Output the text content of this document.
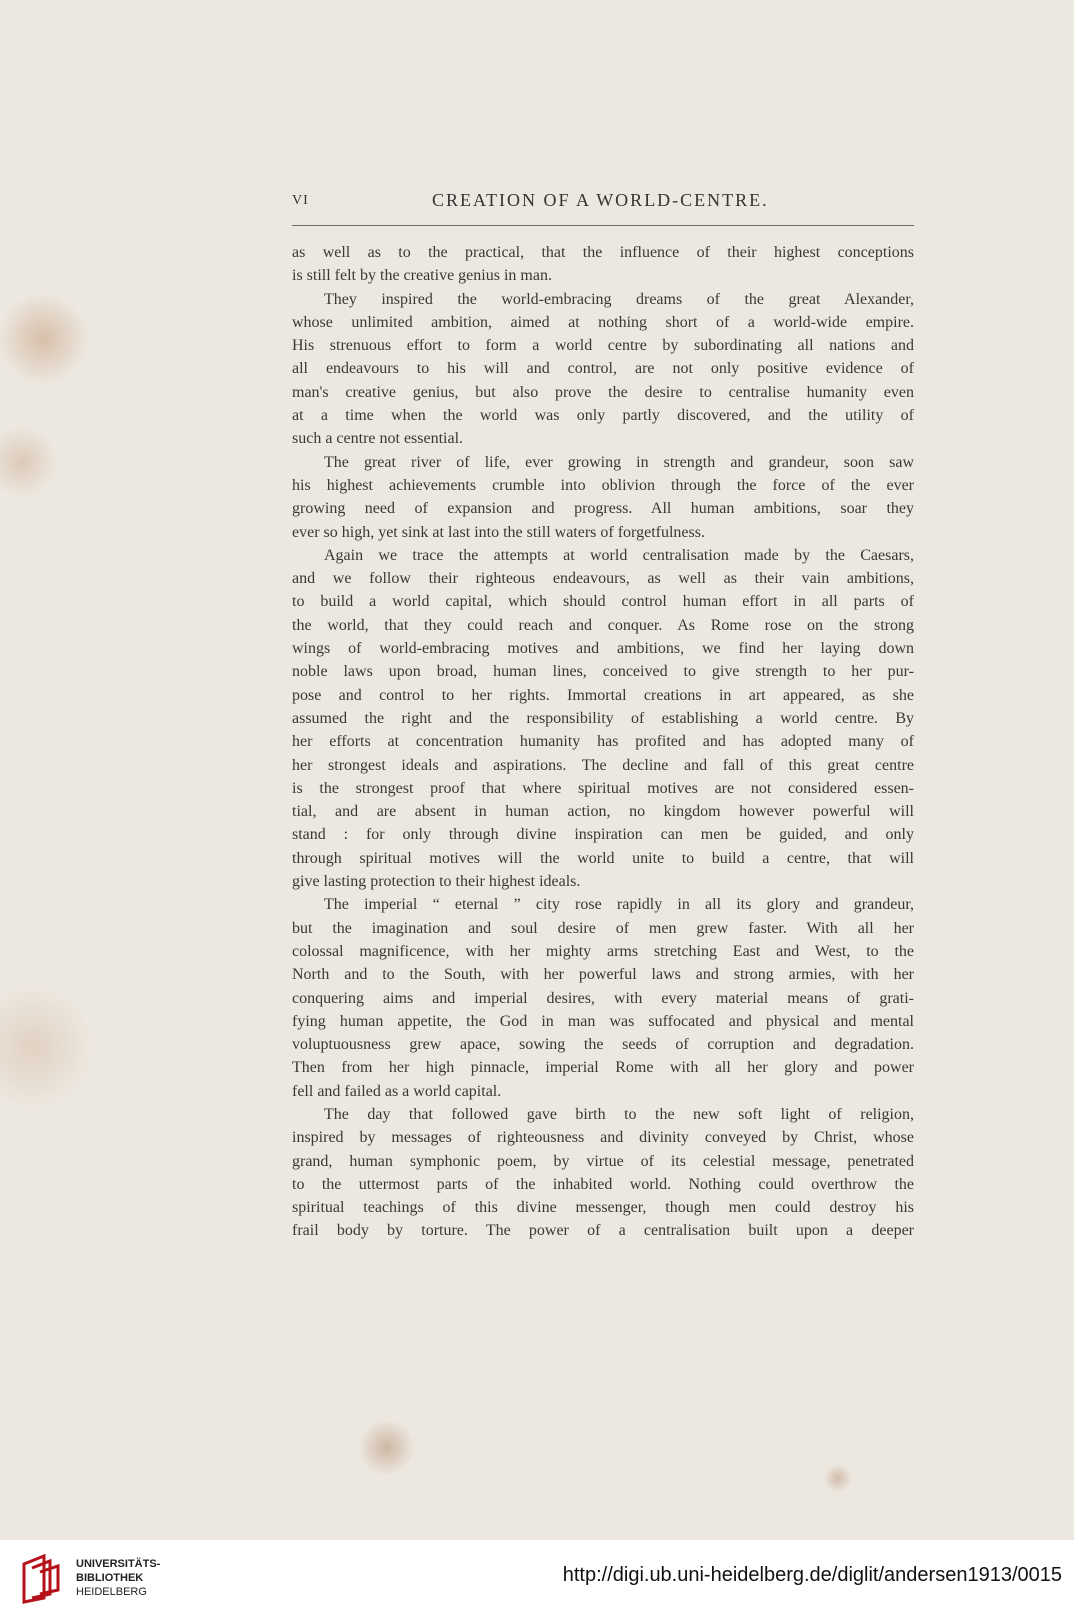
VI	CREATION OF A WORLD-CENTRE.
as well as to the practical, that the influence of their highest conceptions
is still felt by the creative genius in man.
They inspired the world-embracing dreams of the great Alexander,
whose unlimited ambition, aimed at nothing short of a world-wide empire.
His strenuous effort to form a world centre by subordinating all nations and
all endeavours to his will and control, are not only positive evidence of
man's creative genius, but also prove the desire to centralise humanity even
at a time when the world was only partly discovered, and the utility of
such a centre not essential.
The great river of life, ever growing in strength and grandeur, soon saw
his highest achievements crumble into oblivion through the force of the ever
growing need of expansion and progress. All human ambitions, soar they
ever so high, yet sink at last into the still waters of forgetfulness.
Again we trace the attempts at world centralisation made by the Caesars,
and we follow their righteous endeavours, as well as their vain ambitions,
to build a world capital, which should control human effort in all parts of
the world, that they could reach and conquer. As Rome rose on the strong
wings of world-embracing motives and ambitions, we find her laying down
noble laws upon broad, human lines, conceived to give strength to her pur-
pose and control to her rights. Immortal creations in art appeared, as she
assumed the right and the responsibility of establishing a world centre. By
her efforts at concentration humanity has profited and has adopted many of
her strongest ideals and aspirations. The decline and fall of this great centre
is the strongest proof that where spiritual motives are not considered essen-
tial, and are absent in human action, no kingdom however powerful will
stand : for only through divine inspiration can men be guided, and only
through spiritual motives will the world unite to build a centre, that will
give lasting protection to their highest ideals.
The imperial “ eternal ” city rose rapidly in all its glory and grandeur,
but the imagination and soul desire of men grew faster. With all her
colossal magnificence, with her mighty arms stretching East and West, to the
North and to the South, with her powerful laws and strong armies, with her
conquering aims and imperial desires, with every material means of grati-
fying human appetite, the God in man was suffocated and physical and mental
voluptuousness grew apace, sowing the seeds of corruption and degradation.
Then from her high pinnacle, imperial Rome with all her glory and power
fell and failed as a world capital.
The day that followed gave birth to the new soft light of religion,
inspired by messages of righteousness and divinity conveyed by Christ, whose
grand, human symphonic poem, by virtue of its celestial message, penetrated
to the uttermost parts of the inhabited world. Nothing could overthrow the
spiritual teachings of this divine messenger, though men could destroy his
frail body by torture. The power of a centralisation built upon a deeper
UNIVERSITÄTS-
BIBLIOTHEK
HEIDELBERG
http://digi.ub.uni-heidelberg.de/diglit/andersen1913/0015
